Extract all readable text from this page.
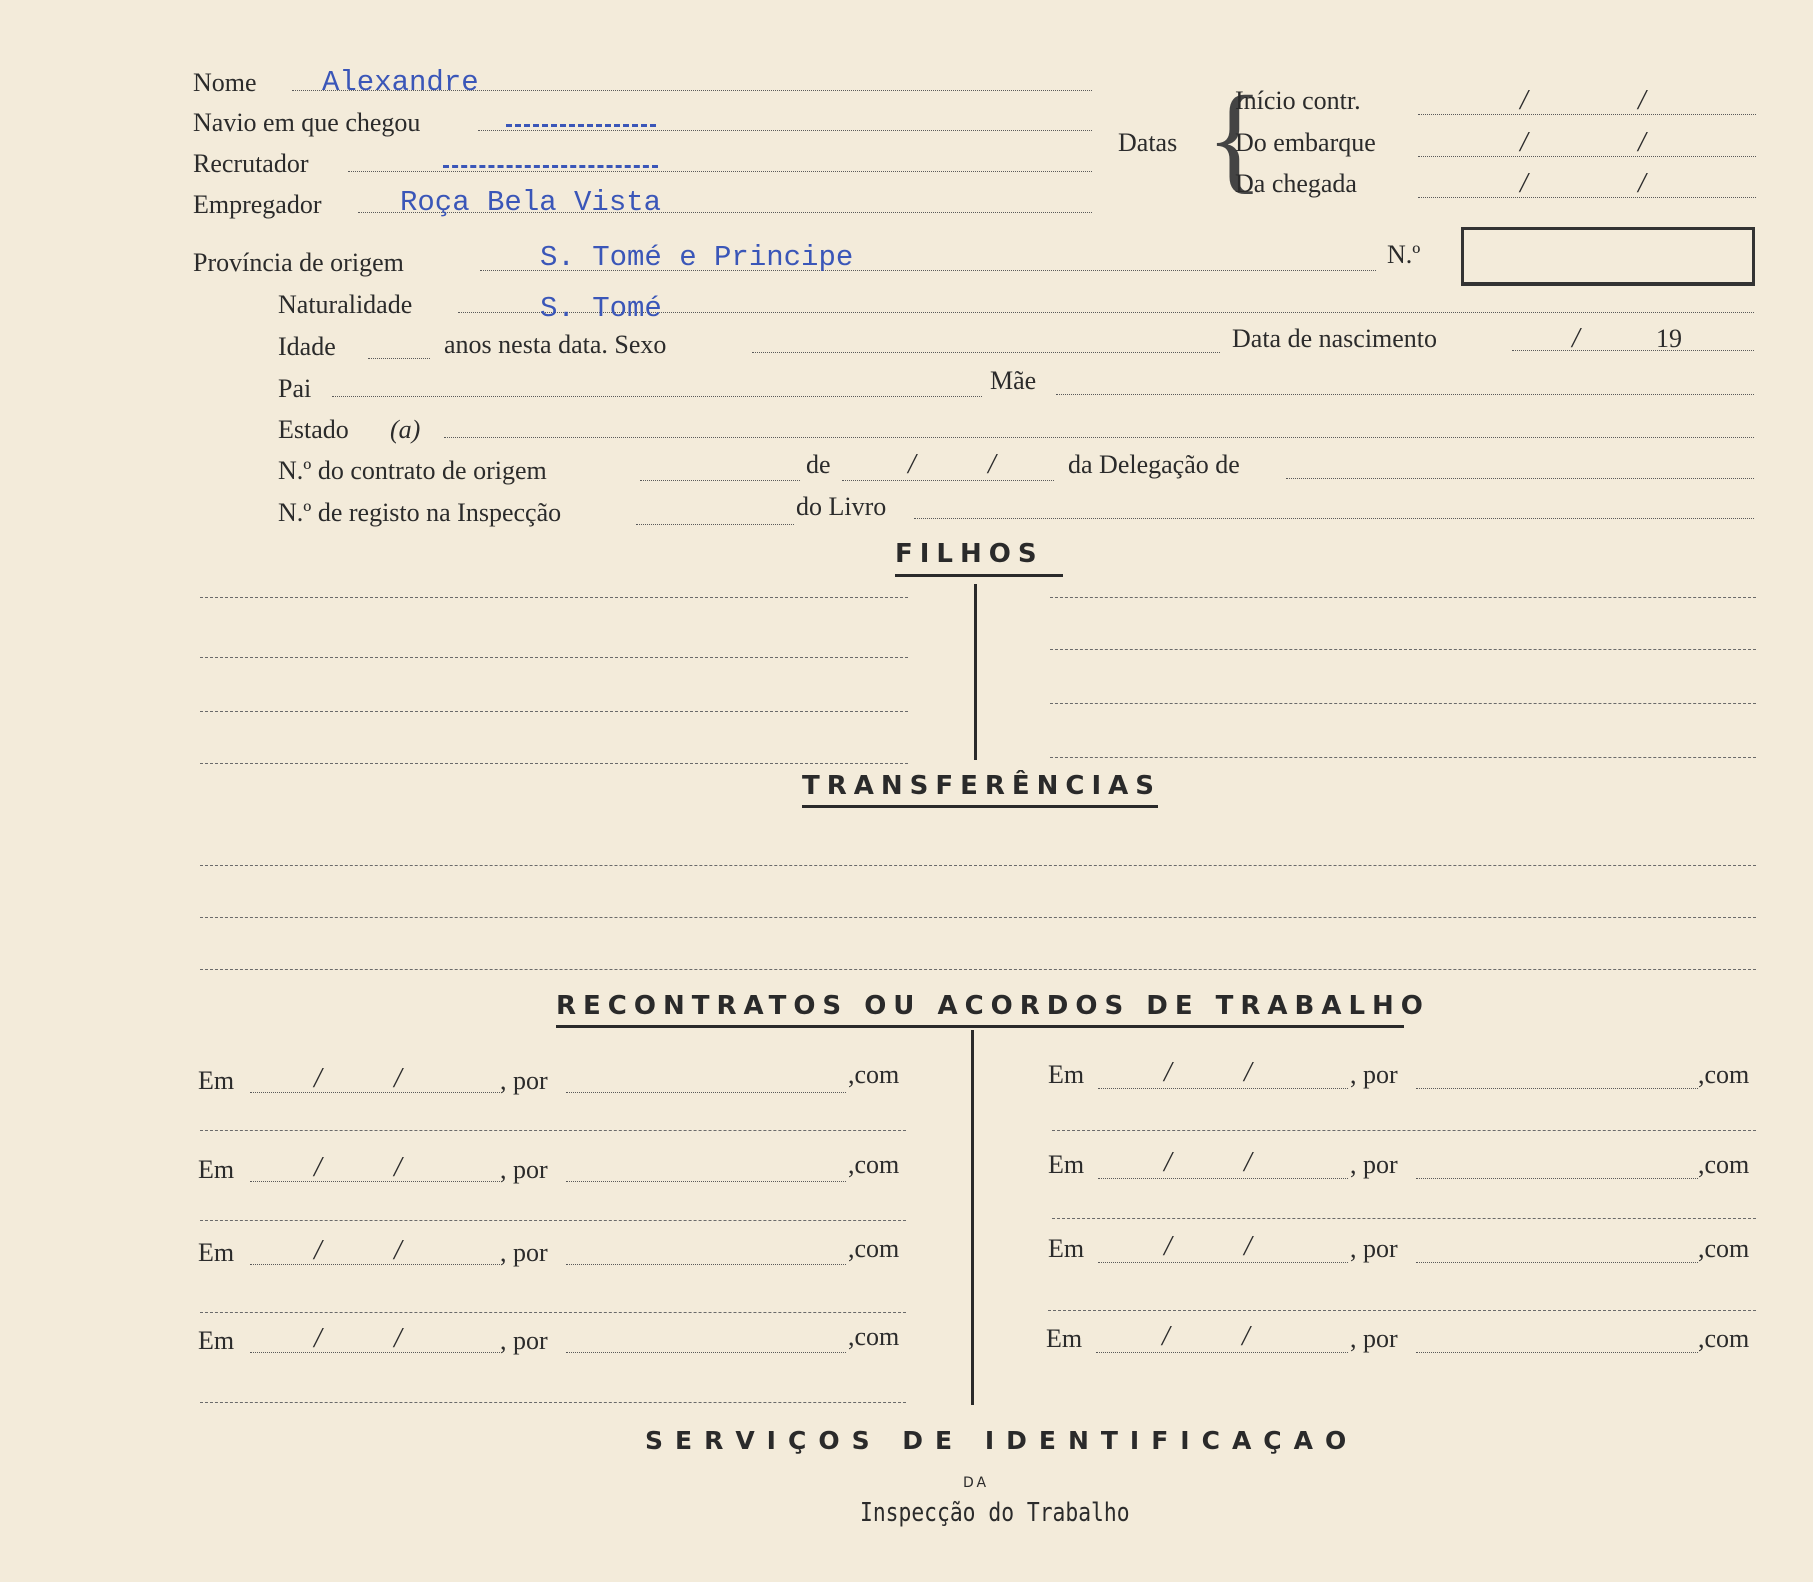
Nome Alexandre
Navio em que chegou
Recrutador
Empregador	Roça Bela Vista
Datas {
Início contr.	/	/
Do embarque	/	/
Da chegada	/	/
Província de origem	S. Tomé e Principe	N.º
Naturalidade	S. Tomé
Idade	anos nesta data. Sexo	Data de nascimento	/	19
Pai	Mãe
Estado (a)
N.º do contrato de origem	de	/	/	da Delegação de
N.º de registo na Inspecção	do Livro
FILHOS
TRANSFERÊNCIAS
RECONTRATOS OU ACORDOS DE TRABALHO
Em	/	/	, por	,com
Em	/	/	, por	,com
Em	/	/	, por	,com
Em	/	/	, por	,com
Em	/	/	, por	,com
Em	/	/	, por	,com
Em	/	/	, por	,com
Em	/	/	, por	,com
SERVIÇOS DE IDENTIFICAÇAO
DA
Inspecção do Trabalho
